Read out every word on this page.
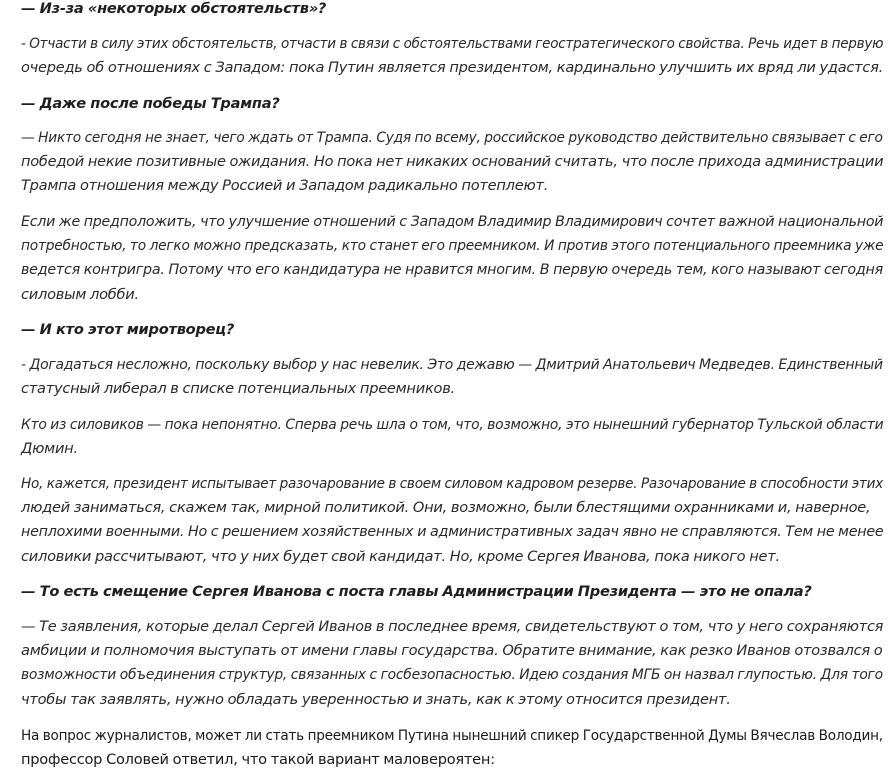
— Из-за «некоторых обстоятельств»?

- Отчасти в силу этих обстоятельств, отчасти в связи с обстоятельствами геостратегического свойства. Речь идет в первую
очередь об отношениях с Западом: пока Путин является президентом, кардинально улучшить их вряд ли удастся.

— Даже после победы Трампа?

— Никто сегодня не знает, чего ждать от Трампа. Судя по всему, российское руководство действительно связывает с его
победой некие позитивные ожидания. Но пока нет никаких оснований считать, что после прихода администрации
Трампа отношения между Россией и Западом радикально потеплеют.

Если же предположить, что улучшение отношений с Западом Владимир Владимирович сочтет важной национальной
потребностью, то легко можно предсказать, кто станет его преемником. И против этого потенциального преемника уже
ведется контригра. Потому что его кандидатура не нравится многим. В первую очередь тем, кого называют сегодня
силовым лобби.

— И кто этот миротворец?

- Догадаться несложно, поскольку выбор у нас невелик. Это дежавю — Дмитрий Анатольевич Медведев. Единственный
статусный либерал в списке потенциальных преемников.

Кто из силовиков — пока непонятно. Сперва речь шла о том, что, возможно, это нынешний губернатор Тульской области
Дюмин.

Но, кажется, президент испытывает разочарование в своем силовом кадровом резерве. Разочарование в способности этих
людей заниматься, скажем так, мирной политикой. Они, возможно, были блестящими охранниками и, наверное,
неплохими военными. Но с решением хозяйственных и административных задач явно не справляются. Тем не менее
силовики рассчитывают, что у них будет свой кандидат. Но, кроме Сергея Иванова, пока никого нет.

— То есть смещение Сергея Иванова с поста главы Администрации Президента — это не опала?

— Те заявления, которые делал Сергей Иванов в последнее время, свидетельствуют о том, что у него сохраняются
амбиции и полномочия выступать от имени главы государства. Обратите внимание, как резко Иванов отозвался о
возможности объединения структур, связанных с госбезопасностью. Идею создания МГБ он назвал глупостью. Для того
чтобы так заявлять, нужно обладать уверенностью и знать, как к этому относится президент.

На вопрос журналистов, может ли стать преемником Путина нынешний спикер Государственной Думы Вячеслав Володин,
профессор Соловей ответил, что такой вариант маловероятен:
